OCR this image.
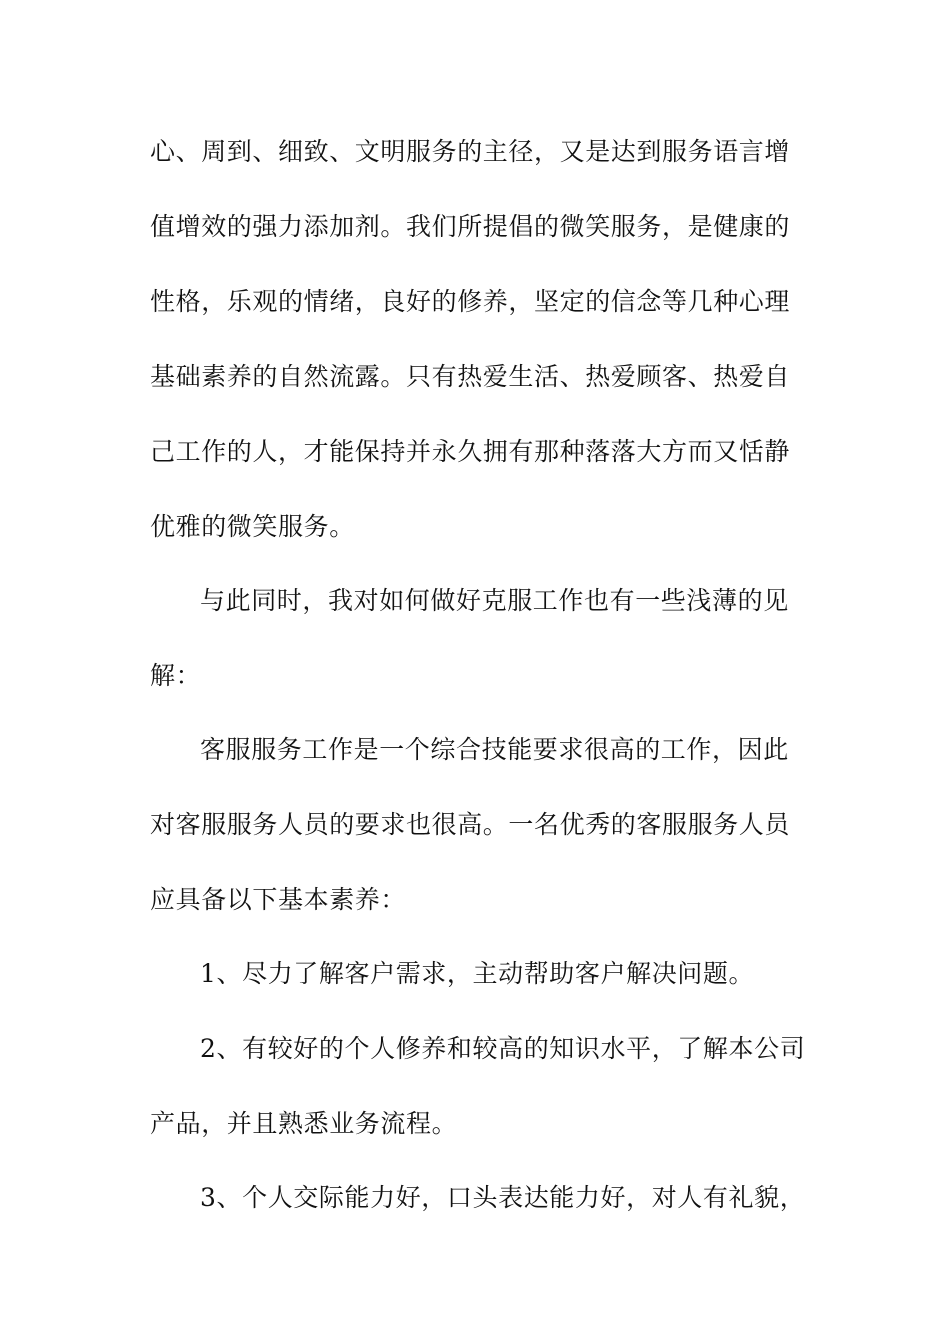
心、周到、细致、文明服务的主径，又是达到服务语言增
值增效的强力添加剂。我们所提倡的微笑服务，是健康的
性格，乐观的情绪，良好的修养，坚定的信念等几种心理
基础素养的自然流露。只有热爱生活、热爱顾客、热爱自
己工作的人，才能保持并永久拥有那种落落大方而又恬静
优雅的微笑服务。
与此同时，我对如何做好克服工作也有一些浅薄的见
解：
客服服务工作是一个综合技能要求很高的工作，因此
对客服服务人员的要求也很高。一名优秀的客服服务人员
应具备以下基本素养：
1、尽力了解客户需求，主动帮助客户解决问题。
2、有较好的个人修养和较高的知识水平，了解本公司
产品，并且熟悉业务流程。
3、个人交际能力好，口头表达能力好，对人有礼貌，
